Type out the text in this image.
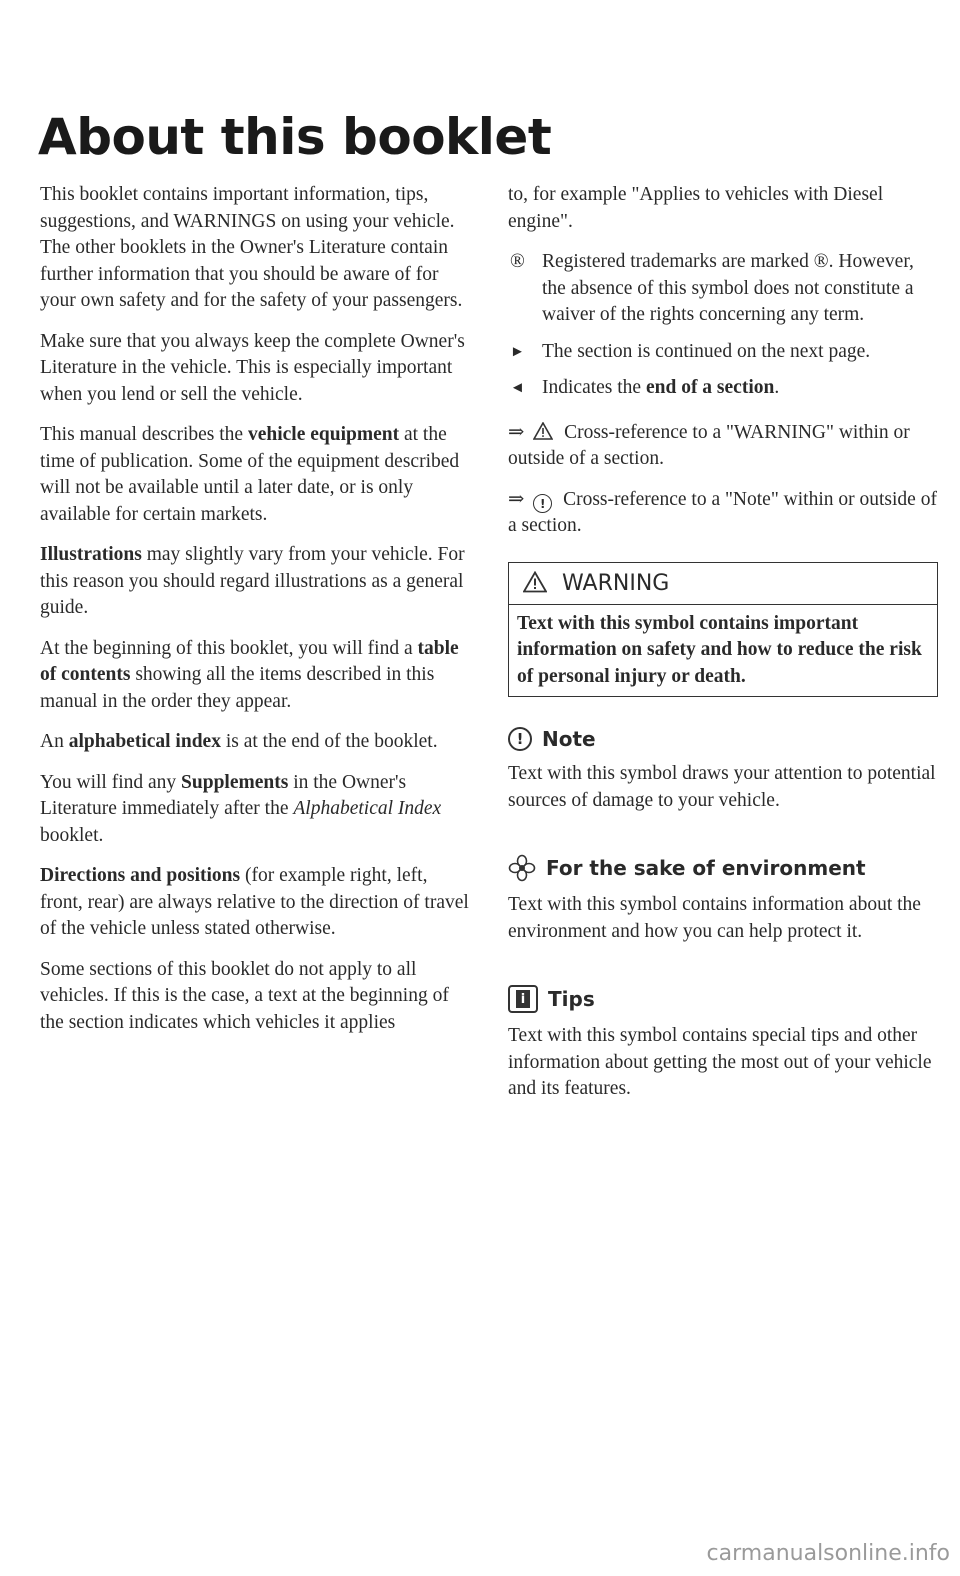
About this booklet

This booklet contains important information, tips, suggestions, and WARNINGS on using your vehicle. The other booklets in the Owner's Literature contain further information that you should be aware of for your own safety and for the safety of your passengers.

Make sure that you always keep the complete Owner's Literature in the vehicle. This is especially important when you lend or sell the vehicle.

This manual describes the vehicle equipment at the time of publication. Some of the equipment described will not be available until a later date, or is only available for certain markets.

Illustrations may slightly vary from your vehicle. For this reason you should regard illustrations as a general guide.

At the beginning of this booklet, you will find a table of contents showing all the items described in this manual in the order they appear.

An alphabetical index is at the end of the booklet.

You will find any Supplements in the Owner's Literature immediately after the Alphabetical Index booklet.

Directions and positions (for example right, left, front, rear) are always relative to the direction of travel of the vehicle unless stated otherwise.

Some sections of this booklet do not apply to all vehicles. If this is the case, a text at the beginning of the section indicates which vehicles it applies

to, for example "Applies to vehicles with Diesel engine".

® Registered trademarks are marked ®. However, the absence of this symbol does not constitute a waiver of the rights concerning any term.
► The section is continued on the next page.
◄ Indicates the end of a section.

⇒ Cross-reference to a "WARNING" within or outside of a section.

⇒ ! Cross-reference to a "Note" within or outside of a section.

WARNING
Text with this symbol contains important information on safety and how to reduce the risk of personal injury or death.
! Note

Text with this symbol draws your attention to potential sources of damage to your vehicle.

For the sake of environment

Text with this symbol contains information about the environment and how you can help protect it.

i Tips

Text with this symbol contains special tips and other information about getting the most out of your vehicle and its features.

carmanualsonline.info
